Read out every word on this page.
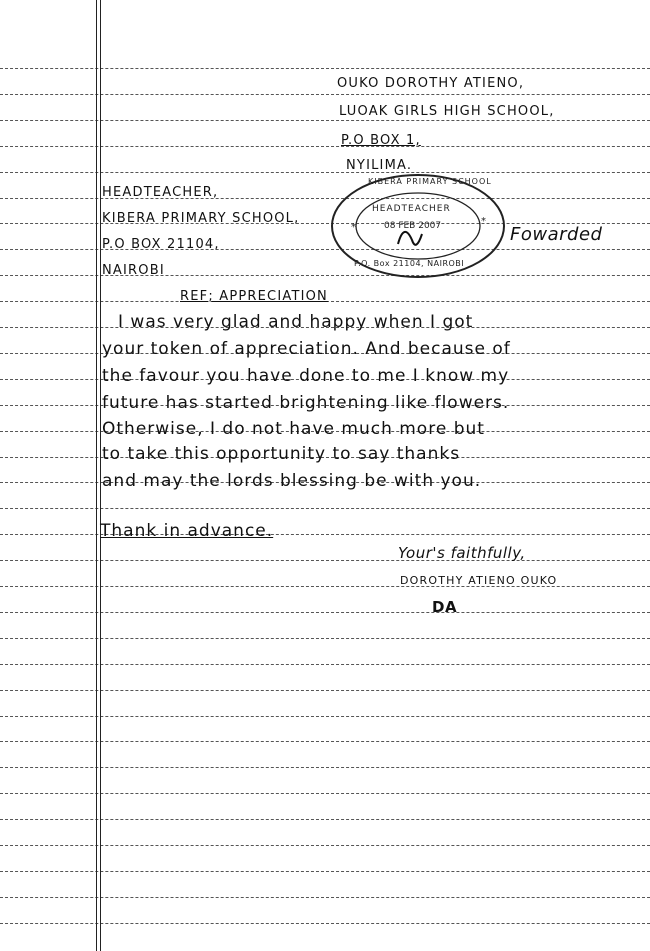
OUKO DOROTHY ATIENO,
LUOAK GIRLS HIGH SCHOOL,
P.O BOX 1,
NYILIMA.
HEADTEACHER,
KIBERA PRIMARY SCHOOL,
P.O BOX 21104,
NAIROBI
*
*
KIBERA PRIMARY SCHOOL
HEADTEACHER
08 FEB 2007
P.O. Box 21104, NAIROBI
Fowarded
REF; APPRECIATION
I was very glad and happy when I got
your token of appreciation. And because of
the favour you have done to me I know my
future has started brightening like flowers.
Otherwise, I do not have much more but
to take this opportunity to say thanks
and may the lords blessing be with you.
Thank in advance.
Your's faithfully,
DOROTHY ATIENO OUKO
DA
